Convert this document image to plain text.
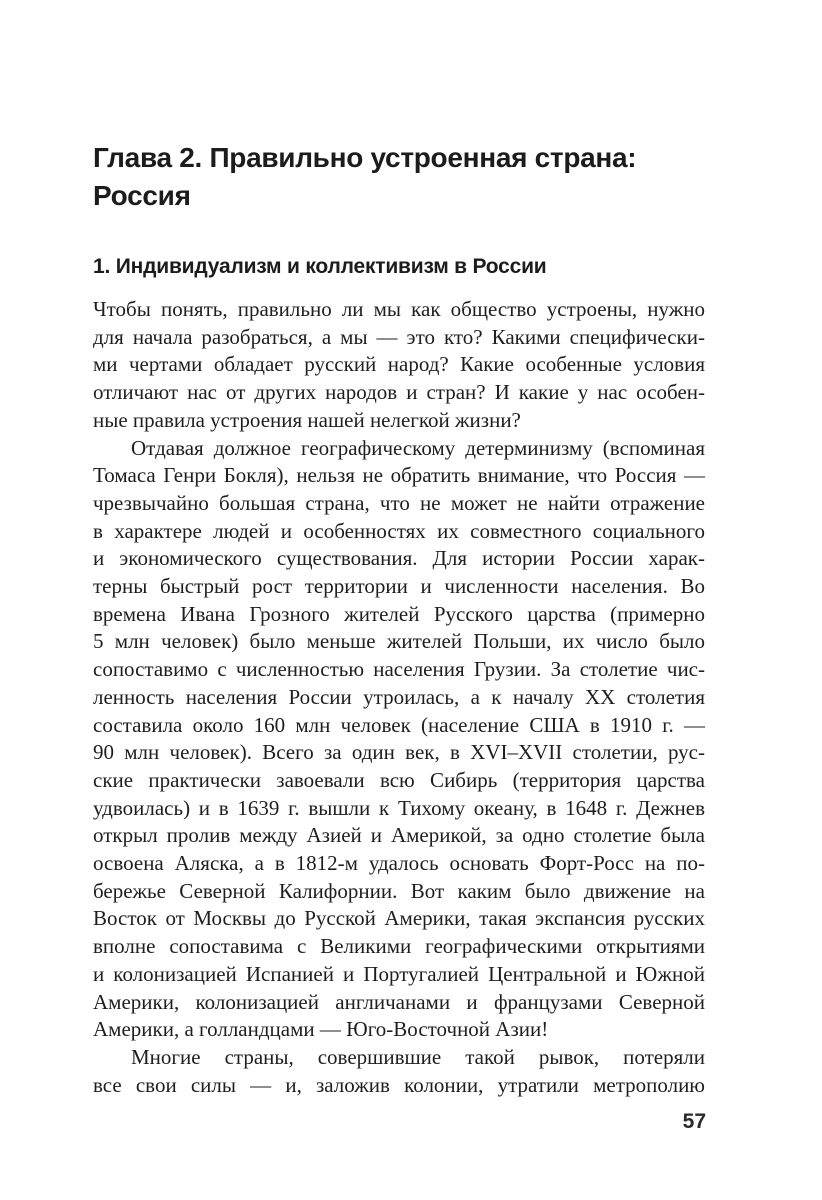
Глава 2. Правильно устроенная страна:
Россия
1. Индивидуализм и коллективизм в России
Чтобы понять, правильно ли мы как общество устроены, нужно
для начала разобраться, а мы — это кто? Какими специфически-
ми чертами обладает русский народ? Какие особенные условия
отличают нас от других народов и стран? И какие у нас особен-
ные правила устроения нашей нелегкой жизни?
Отдавая должное географическому детерминизму (вспоминая
Томаса Генри Бокля), нельзя не обратить внимание, что Россия —
чрезвычайно большая страна, что не может не найти отражение
в характере людей и особенностях их совместного социального
и экономического существования. Для истории России харак-
терны быстрый рост территории и численности населения. Во
времена Ивана Грозного жителей Русского царства (примерно
5 млн человек) было меньше жителей Польши, их число было
сопоставимо с численностью населения Грузии. За столетие чис-
ленность населения России утроилась, а к началу XX столетия
составила около 160 млн человек (население США в 1910 г. —
90 млн человек). Всего за один век, в XVI–XVII столетии, рус-
ские практически завоевали всю Сибирь (территория царства
удвоилась) и в 1639 г. вышли к Тихому океану, в 1648 г. Дежнев
открыл пролив между Азией и Америкой, за одно столетие была
освоена Аляска, а в 1812-м удалось основать Форт-Росс на по-
бережье Северной Калифорнии. Вот каким было движение на
Восток от Москвы до Русской Америки, такая экспансия русских
вполне сопоставима с Великими географическими открытиями
и колонизацией Испанией и Португалией Центральной и Южной
Америки, колонизацией англичанами и французами Северной
Америки, а голландцами — Юго-Восточной Азии!
Многие страны, совершившие такой рывок, потеряли
все свои силы — и, заложив колонии, утратили метрополию
57
